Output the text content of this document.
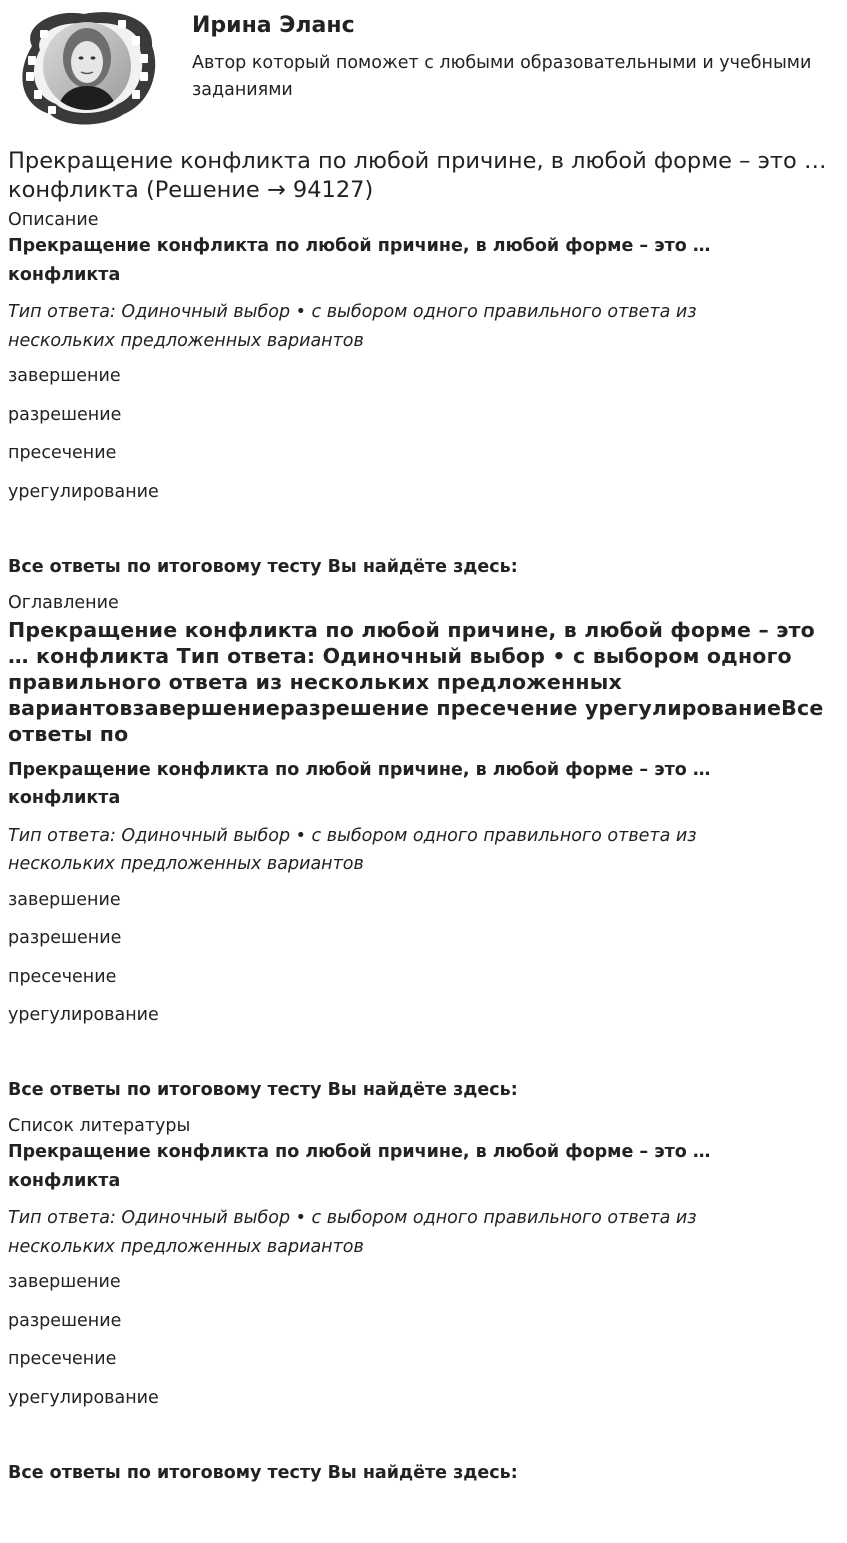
Ирина Эланс
Автор который поможет с любыми образовательными и учебными заданиями
Прекращение конфликта по любой причине, в любой форме – это … конфликта (Решение → 94127)
Описание

Прекращение конфликта по любой причине, в любой форме – это … конфликта

Тип ответа: Одиночный выбор • с выбором одного правильного ответа из нескольких предложенных вариантов

завершение
разрешение
пресечение
урегулирование

Все ответы по итоговому тесту Вы найдёте здесь:

Оглавление
Прекращение конфликта по любой причине, в любой форме – это … конфликта Тип ответа: Одиночный выбор • с выбором одного правильного ответа из нескольких предложенных вариантовзавершениеразрешение пресечение урегулированиеВсе ответы по

Прекращение конфликта по любой причине, в любой форме – это … конфликта

Тип ответа: Одиночный выбор • с выбором одного правильного ответа из нескольких предложенных вариантов

завершение
разрешение
пресечение
урегулирование

Все ответы по итоговому тесту Вы найдёте здесь:

Список литературы

Прекращение конфликта по любой причине, в любой форме – это … конфликта

Тип ответа: Одиночный выбор • с выбором одного правильного ответа из нескольких предложенных вариантов

завершение
разрешение
пресечение
урегулирование

Все ответы по итоговому тесту Вы найдёте здесь:
